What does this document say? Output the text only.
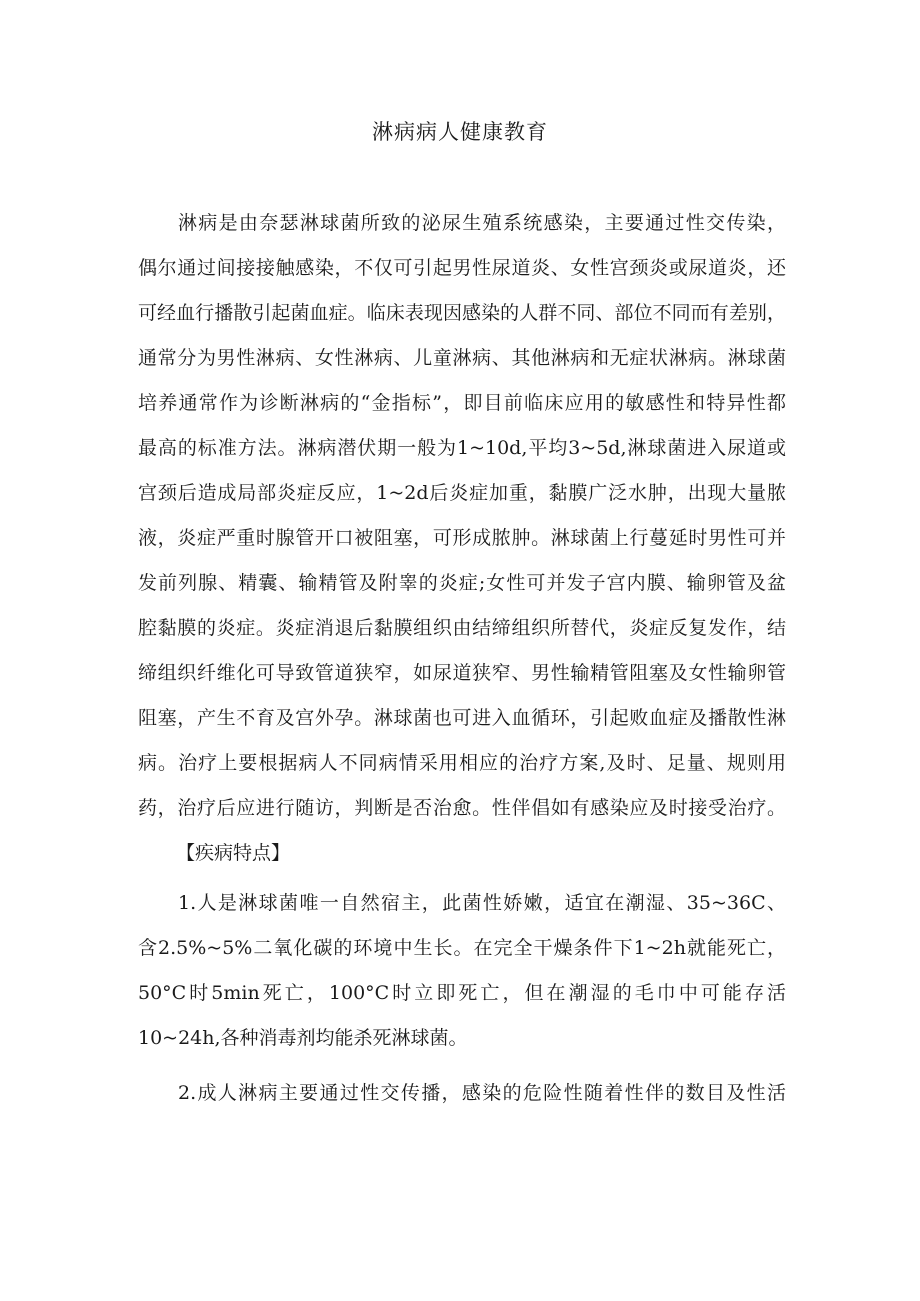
淋病病人健康教育
淋病是由奈瑟淋球菌所致的泌尿生殖系统感染，主要通过性交传染，
偶尔通过间接接触感染，不仅可引起男性尿道炎、女性宫颈炎或尿道炎，还
可经血行播散引起菌血症。临床表现因感染的人群不同、部位不同而有差别，
通常分为男性淋病、女性淋病、儿童淋病、其他淋病和无症状淋病。淋球菌
培养通常作为诊断淋病的“金指标”，即目前临床应用的敏感性和特异性都
最高的标准方法。淋病潜伏期一般为1~10d,平均3~5d,淋球菌进入尿道或
宫颈后造成局部炎症反应，1~2d后炎症加重，黏膜广泛水肿，出现大量脓
液，炎症严重时腺管开口被阻塞，可形成脓肿。淋球菌上行蔓延时男性可并
发前列腺、精囊、输精管及附睾的炎症;女性可并发子宫内膜、输卵管及盆
腔黏膜的炎症。炎症消退后黏膜组织由结缔组织所替代，炎症反复发作，结
缔组织纤维化可导致管道狭窄，如尿道狭窄、男性输精管阻塞及女性输卵管
阻塞，产生不育及宫外孕。淋球菌也可进入血循环，引起败血症及播散性淋
病。治疗上要根据病人不同病情采用相应的治疗方案,及时、足量、规则用
药，治疗后应进行随访，判断是否治愈。性伴倡如有感染应及时接受治疗。
【疾病特点】
1.人是淋球菌唯一自然宿主，此菌性娇嫩，适宜在潮湿、35~36C、
含2.5%~5%二氧化碳的环境中生长。在完全干燥条件下1~2h就能死亡，
50°C时5min死亡，100°C时立即死亡，但在潮湿的毛巾中可能存活
10~24h,各种消毒剂均能杀死淋球菌。
2.成人淋病主要通过性交传播，感染的危险性随着性伴的数目及性活
